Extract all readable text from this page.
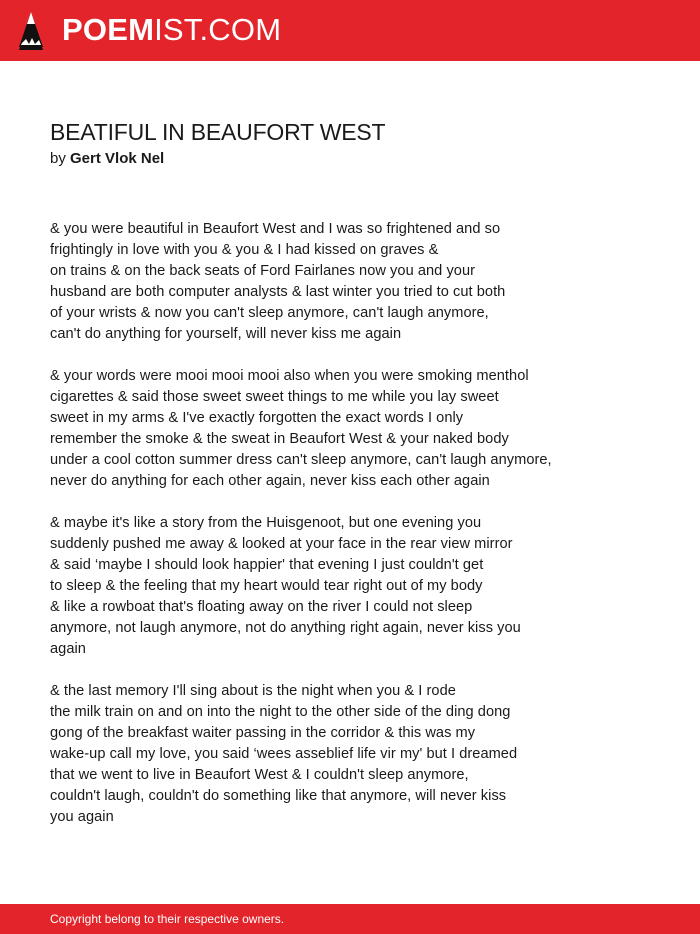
POEMIST.COM
BEATIFUL IN BEAUFORT WEST
by Gert Vlok Nel
& you were beautiful in Beaufort West and I was so frightened and so
frightingly in love with you & you & I had kissed on graves &
on trains & on the back seats of Ford Fairlanes now you and your
husband are both computer analysts & last winter you tried to cut both
of your wrists & now you can't sleep anymore, can't laugh anymore,
can't do anything for yourself, will never kiss me again
& your words were mooi mooi mooi also when you were smoking menthol
cigarettes & said those sweet sweet things to me while you lay sweet
sweet in my arms & I've exactly forgotten the exact words I only
remember the smoke & the sweat in Beaufort West & your naked body
under a cool cotton summer dress can't sleep anymore, can't laugh anymore,
never do anything for each other again, never kiss each other again
& maybe it's like a story from the Huisgenoot, but one evening you
suddenly pushed me away & looked at your face in the rear view mirror
& said ‘maybe I should look happier' that evening I just couldn't get
to sleep & the feeling that my heart would tear right out of my body
& like a rowboat that's floating away on the river I could not sleep
anymore, not laugh anymore, not do anything right again, never kiss you
again
& the last memory I'll sing about is the night when you & I rode
the milk train on and on into the night to the other side of the ding dong
gong of the breakfast waiter passing in the corridor & this was my
wake-up call my love, you said ‘wees asseblief life vir my' but I dreamed
that we went to live in Beaufort West & I couldn't sleep anymore,
couldn't laugh, couldn't do something like that anymore, will never kiss
you again
Copyright belong to their respective owners.
